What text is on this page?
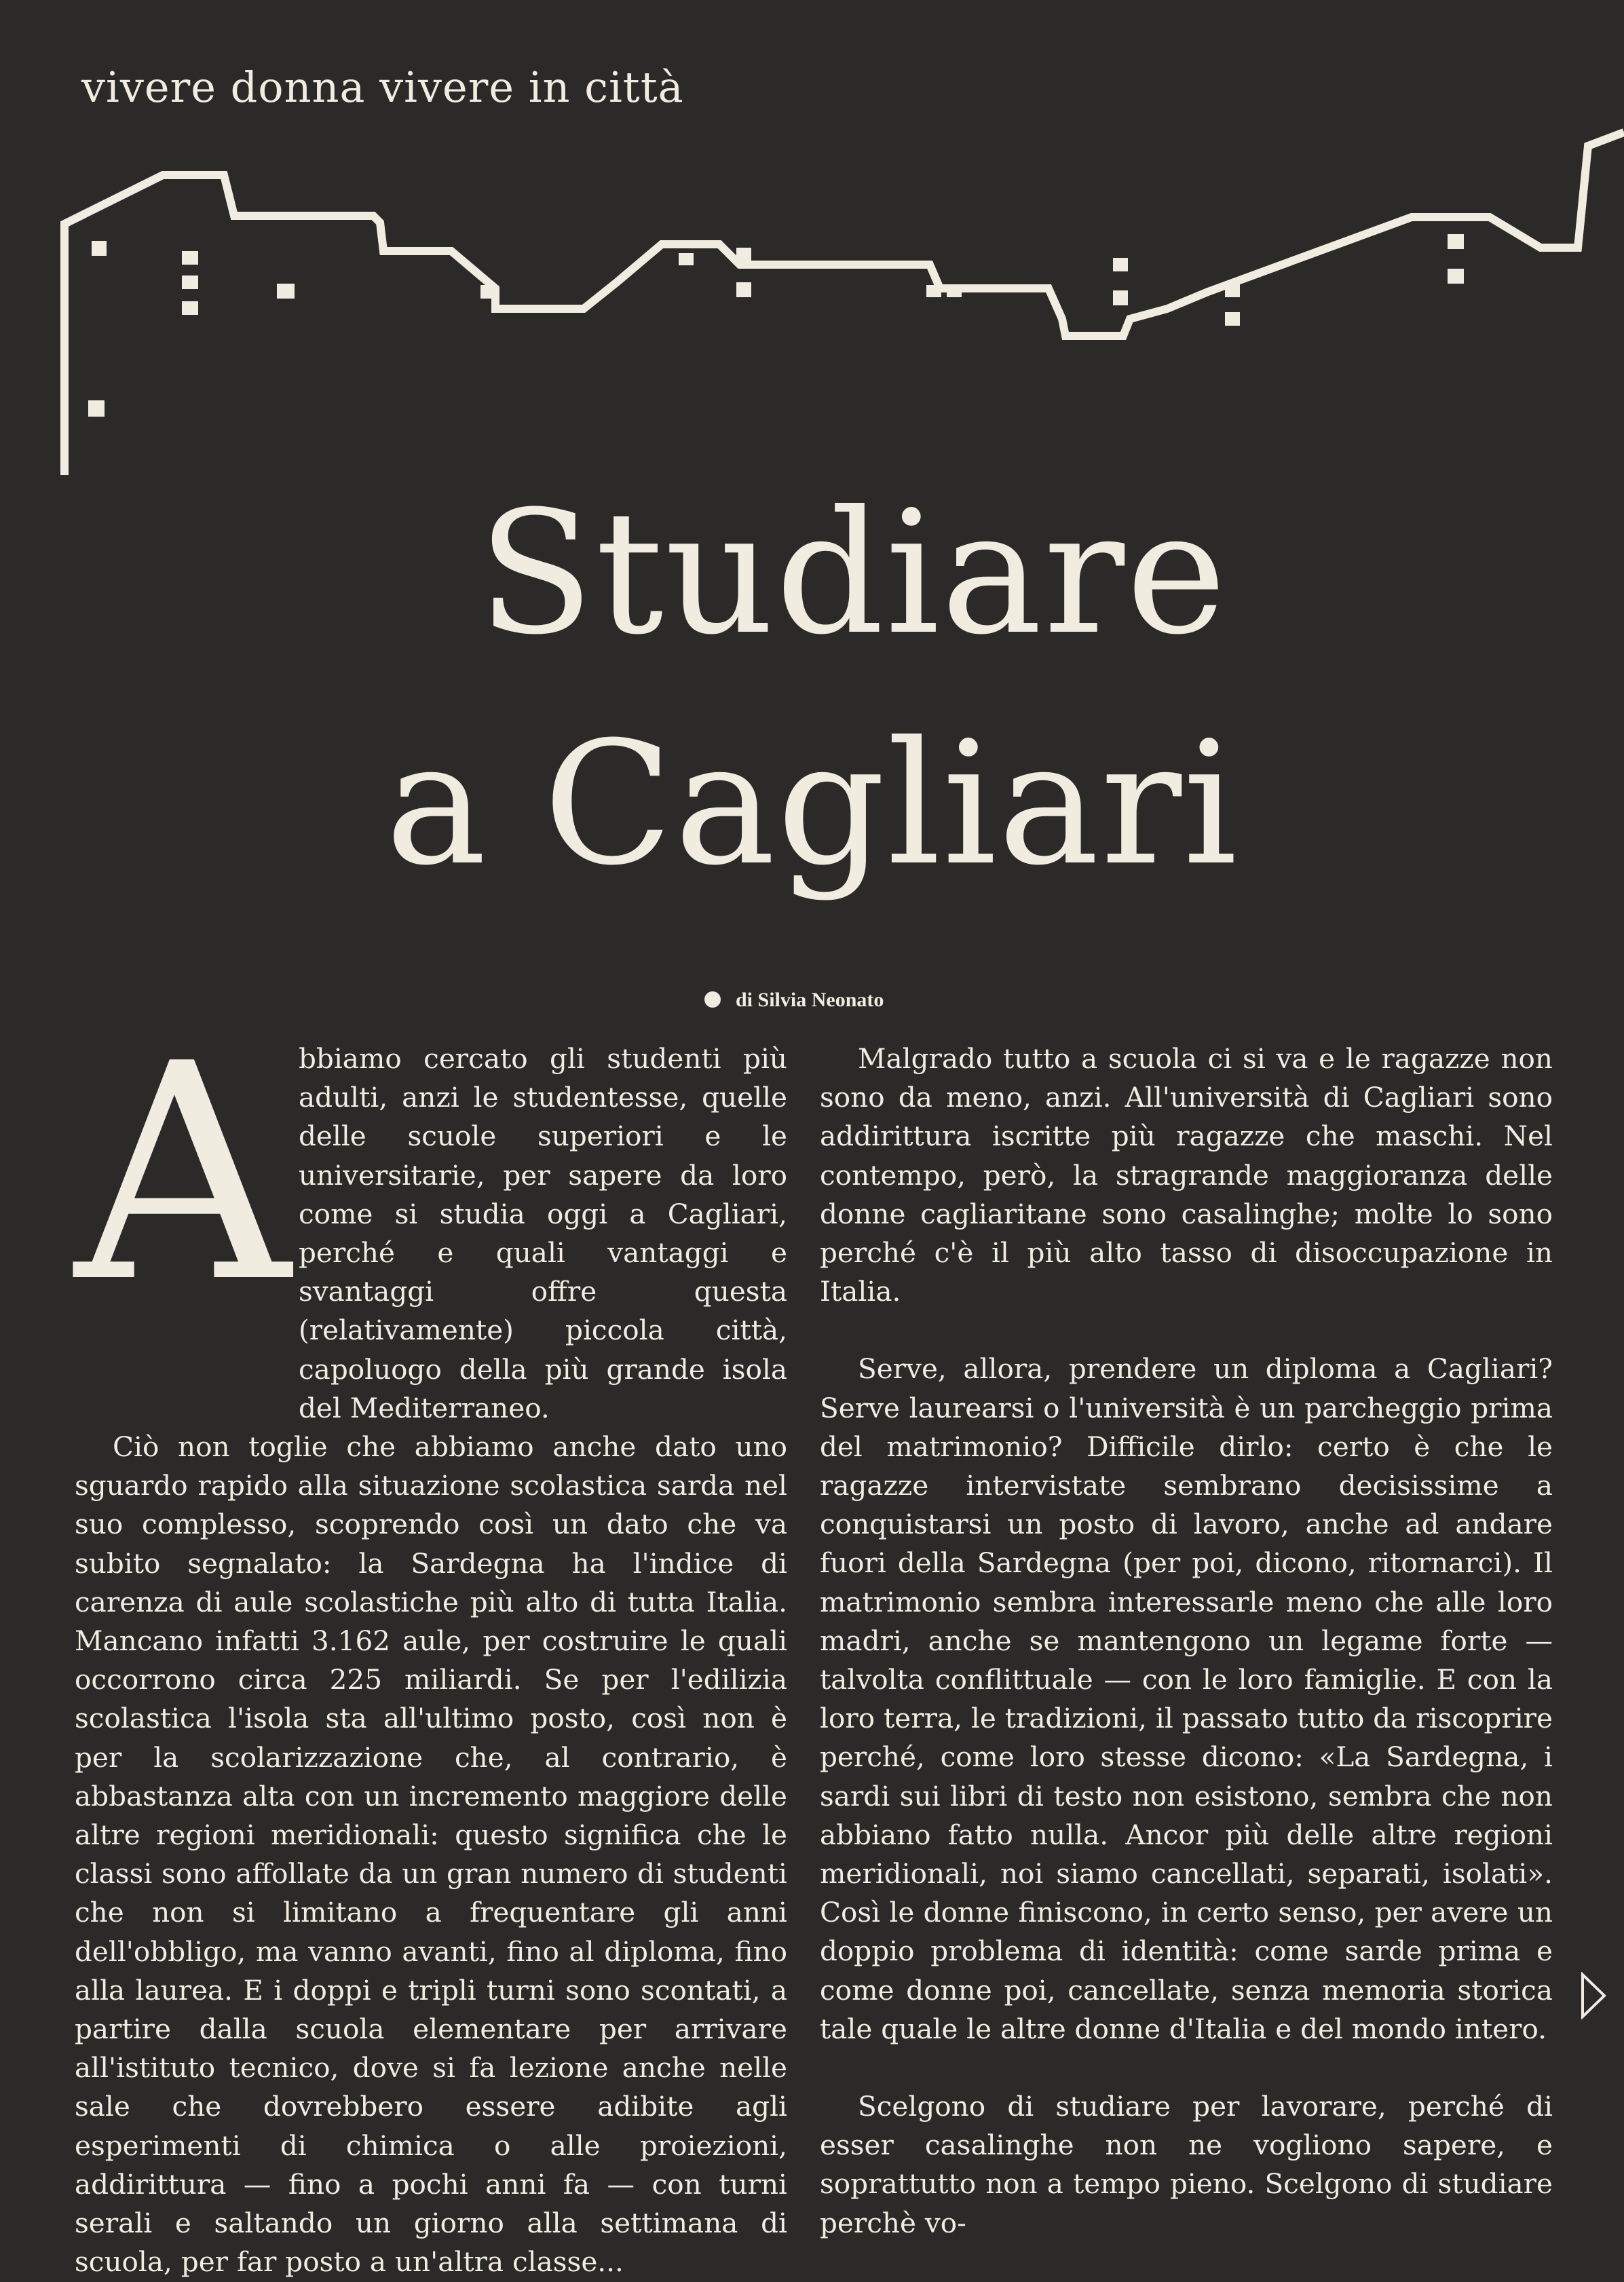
vivere donna vivere in città
Studiare
a Cagliari
di Silvia Neonato
A bbiamo cercato gli studenti più adulti, anzi le studentesse, quelle delle scuole superiori e le universitarie, per sapere da loro come si studia oggi a Cagliari, perché e quali vantaggi e svantaggi offre questa (relativamente) piccola città, capoluogo della più grande isola del Mediterraneo.

Ciò non toglie che abbiamo anche dato uno sguardo rapido alla situazione scolastica sarda nel suo complesso, scoprendo così un dato che va subito segnalato: la Sardegna ha l'indice di carenza di aule scolastiche più alto di tutta Italia. Mancano infatti 3.162 aule, per costruire le quali occorrono circa 225 miliardi. Se per l'edilizia scolastica l'isola sta all'ultimo posto, così non è per la scolarizzazione che, al contrario, è abbastanza alta con un incremento maggiore delle altre regioni meridionali: questo significa che le classi sono affollate da un gran numero di studenti che non si limitano a frequentare gli anni dell'obbligo, ma vanno avanti, fino al diploma, fino alla laurea. E i doppi e tripli turni sono scontati, a partire dalla scuola elementare per arrivare all'istituto tecnico, dove si fa lezione anche nelle sale che dovrebbero essere adibite agli esperimenti di chimica o alle proiezioni, addirittura — fino a pochi anni fa — con turni serali e saltando un giorno alla settimana di scuola, per far posto a un'altra classe...

Malgrado tutto a scuola ci si va e le ragazze non sono da meno, anzi. All'università di Cagliari sono addirittura iscritte più ragazze che maschi. Nel contempo, però, la stragrande maggioranza delle donne cagliaritane sono casalinghe; molte lo sono perché c'è il più alto tasso di disoccupazione in Italia.

Serve, allora, prendere un diploma a Cagliari? Serve laurearsi o l'università è un parcheggio prima del matrimonio? Difficile dirlo: certo è che le ragazze intervistate sembrano decisissime a conquistarsi un posto di lavoro, anche ad andare fuori della Sardegna (per poi, dicono, ritornarci). Il matrimonio sembra interessarle meno che alle loro madri, anche se mantengono un legame forte — talvolta conflittuale — con le loro famiglie. E con la loro terra, le tradizioni, il passato tutto da riscoprire perché, come loro stesse dicono: «La Sardegna, i sardi sui libri di testo non esistono, sembra che non abbiano fatto nulla. Ancor più delle altre regioni meridionali, noi siamo cancellati, separati, isolati». Così le donne finiscono, in certo senso, per avere un doppio problema di identità: come sarde prima e come donne poi, cancellate, senza memoria storica tale quale le altre donne d'Italia e del mondo intero.

Scelgono di studiare per lavorare, perché di esser casalinghe non ne vogliono sapere, e soprattutto non a tempo pieno. Scelgono di studiare perchè vo-
